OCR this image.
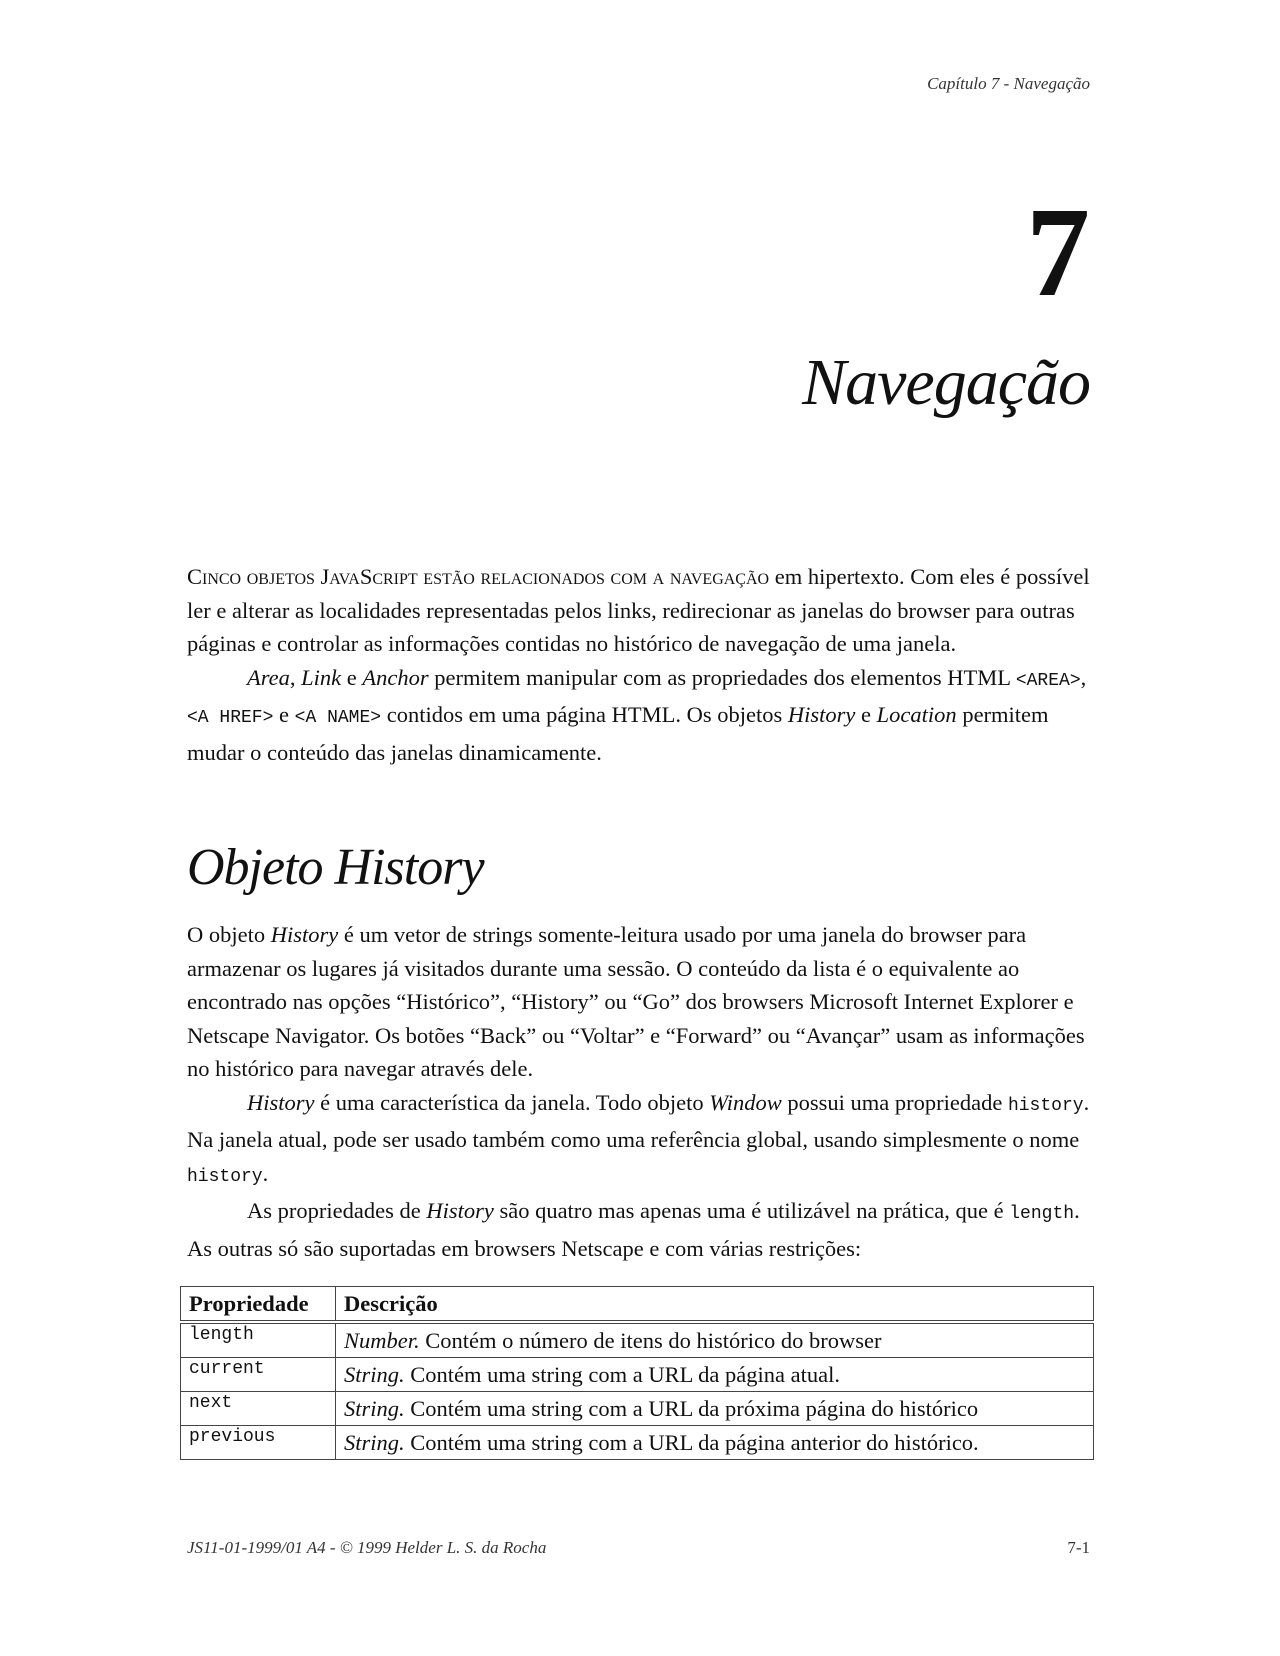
Capítulo 7 - Navegação
7
Navegação

Cinco objetos JavaScript estão relacionados com a navegação em hipertexto. Com eles é possível ler e alterar as localidades representadas pelos links, redirecionar as janelas do browser para outras páginas e controlar as informações contidas no histórico de navegação de uma janela.

Area, Link e Anchor permitem manipular com as propriedades dos elementos HTML <AREA>, <A HREF> e <A NAME> contidos em uma página HTML. Os objetos History e Location permitem mudar o conteúdo das janelas dinamicamente.

Objeto History

O objeto History é um vetor de strings somente-leitura usado por uma janela do browser para armazenar os lugares já visitados durante uma sessão. O conteúdo da lista é o equivalente ao encontrado nas opções “Histórico”, “History” ou “Go” dos browsers Microsoft Internet Explorer e Netscape Navigator. Os botões “Back” ou “Voltar” e “Forward” ou “Avançar” usam as informações no histórico para navegar através dele.

History é uma característica da janela. Todo objeto Window possui uma propriedade history. Na janela atual, pode ser usado também como uma referência global, usando simplesmente o nome history.

As propriedades de History são quatro mas apenas uma é utilizável na prática, que é length. As outras só são suportadas em browsers Netscape e com várias restrições:

Propriedade	Descrição
length	Number. Contém o número de itens do histórico do browser
current	String. Contém uma string com a URL da página atual.
next	String. Contém uma string com a URL da próxima página do histórico
previous	String. Contém uma string com a URL da página anterior do histórico.
JS11-01-1999/01 A4 - © 1999 Helder L. S. da Rocha	7-1
